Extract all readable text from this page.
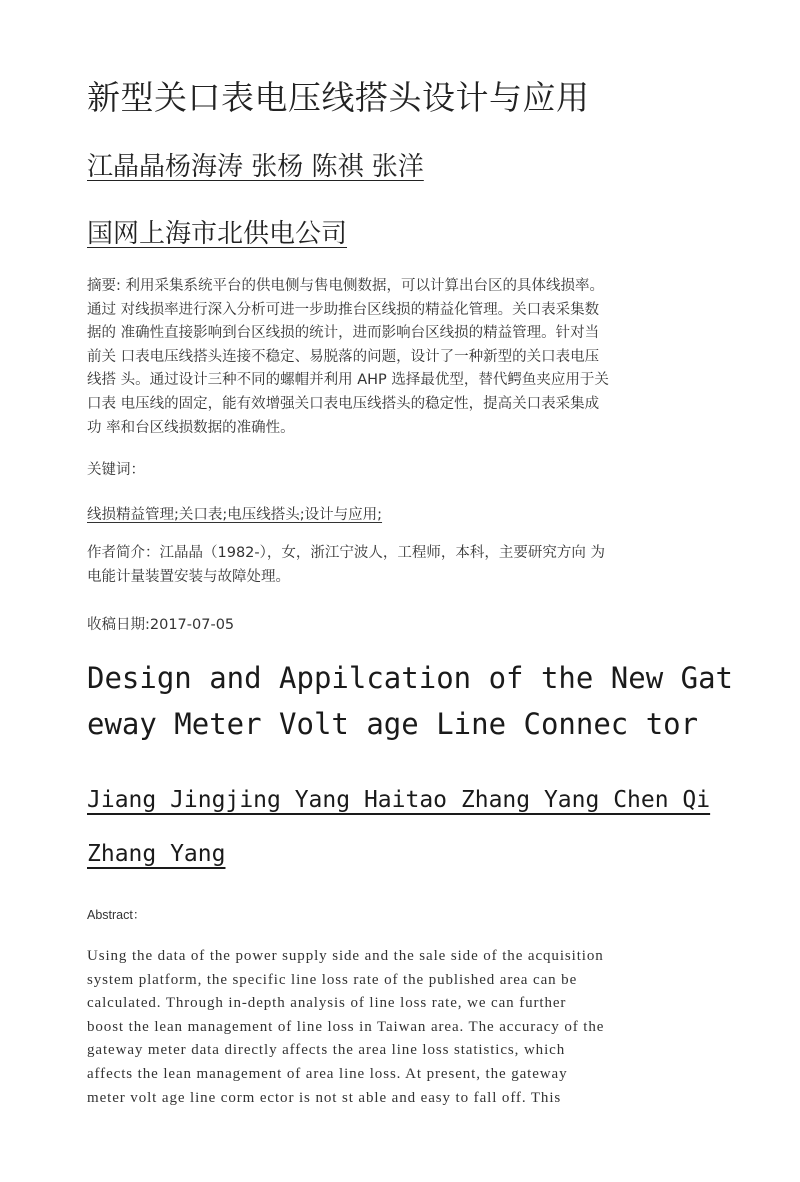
新型关口表电压线搭头设计与应用
江晶晶杨海涛 张杨 陈祺 张洋
国网上海市北供电公司
摘要: 利用采集系统平台的供电侧与售电侧数据，可以计算出台区的具体线损率。
通过 对线损率进行深入分析可进一步助推台区线损的精益化管理。关口表采集数
据的 准确性直接影响到台区线损的统计，进而影响台区线损的精益管理。针对当
前关 口表电压线搭头连接不稳定、易脱落的问题，设计了一种新型的关口表电压
线搭 头。通过设计三种不同的螺帽并利用 AHP 选择最优型，替代鳄鱼夹应用于关
口表 电压线的固定，能有效增强关口表电压线搭头的稳定性，提高关口表采集成
功 率和台区线损数据的准确性。
关键词：
线损精益管理;关口表;电压线搭头;设计与应用;
作者简介：江晶晶（1982-），女，浙江宁波人，工程师，本科，主要研究方向 为
电能计量装置安装与故障处理。
收稿日期:2017-07-05
Design and Appilcation of the New Gat
eway Meter Volt age Line Connec tor
Jiang Jingjing Yang Haitao Zhang Yang Chen Qi
Zhang Yang
Abstract：
Using the data of the power supply side and the sale side of the acquisition
system platform, the specific line loss rate of the published area can be
calculated. Through in-depth analysis of line loss rate, we can further
boost the lean management of line loss in Taiwan area. The accuracy of the
gateway meter data directly affects the area line loss statistics, which
affects the lean management of area line loss. At present, the gateway
meter volt age line corm ector is not st able and easy to fall off. This
